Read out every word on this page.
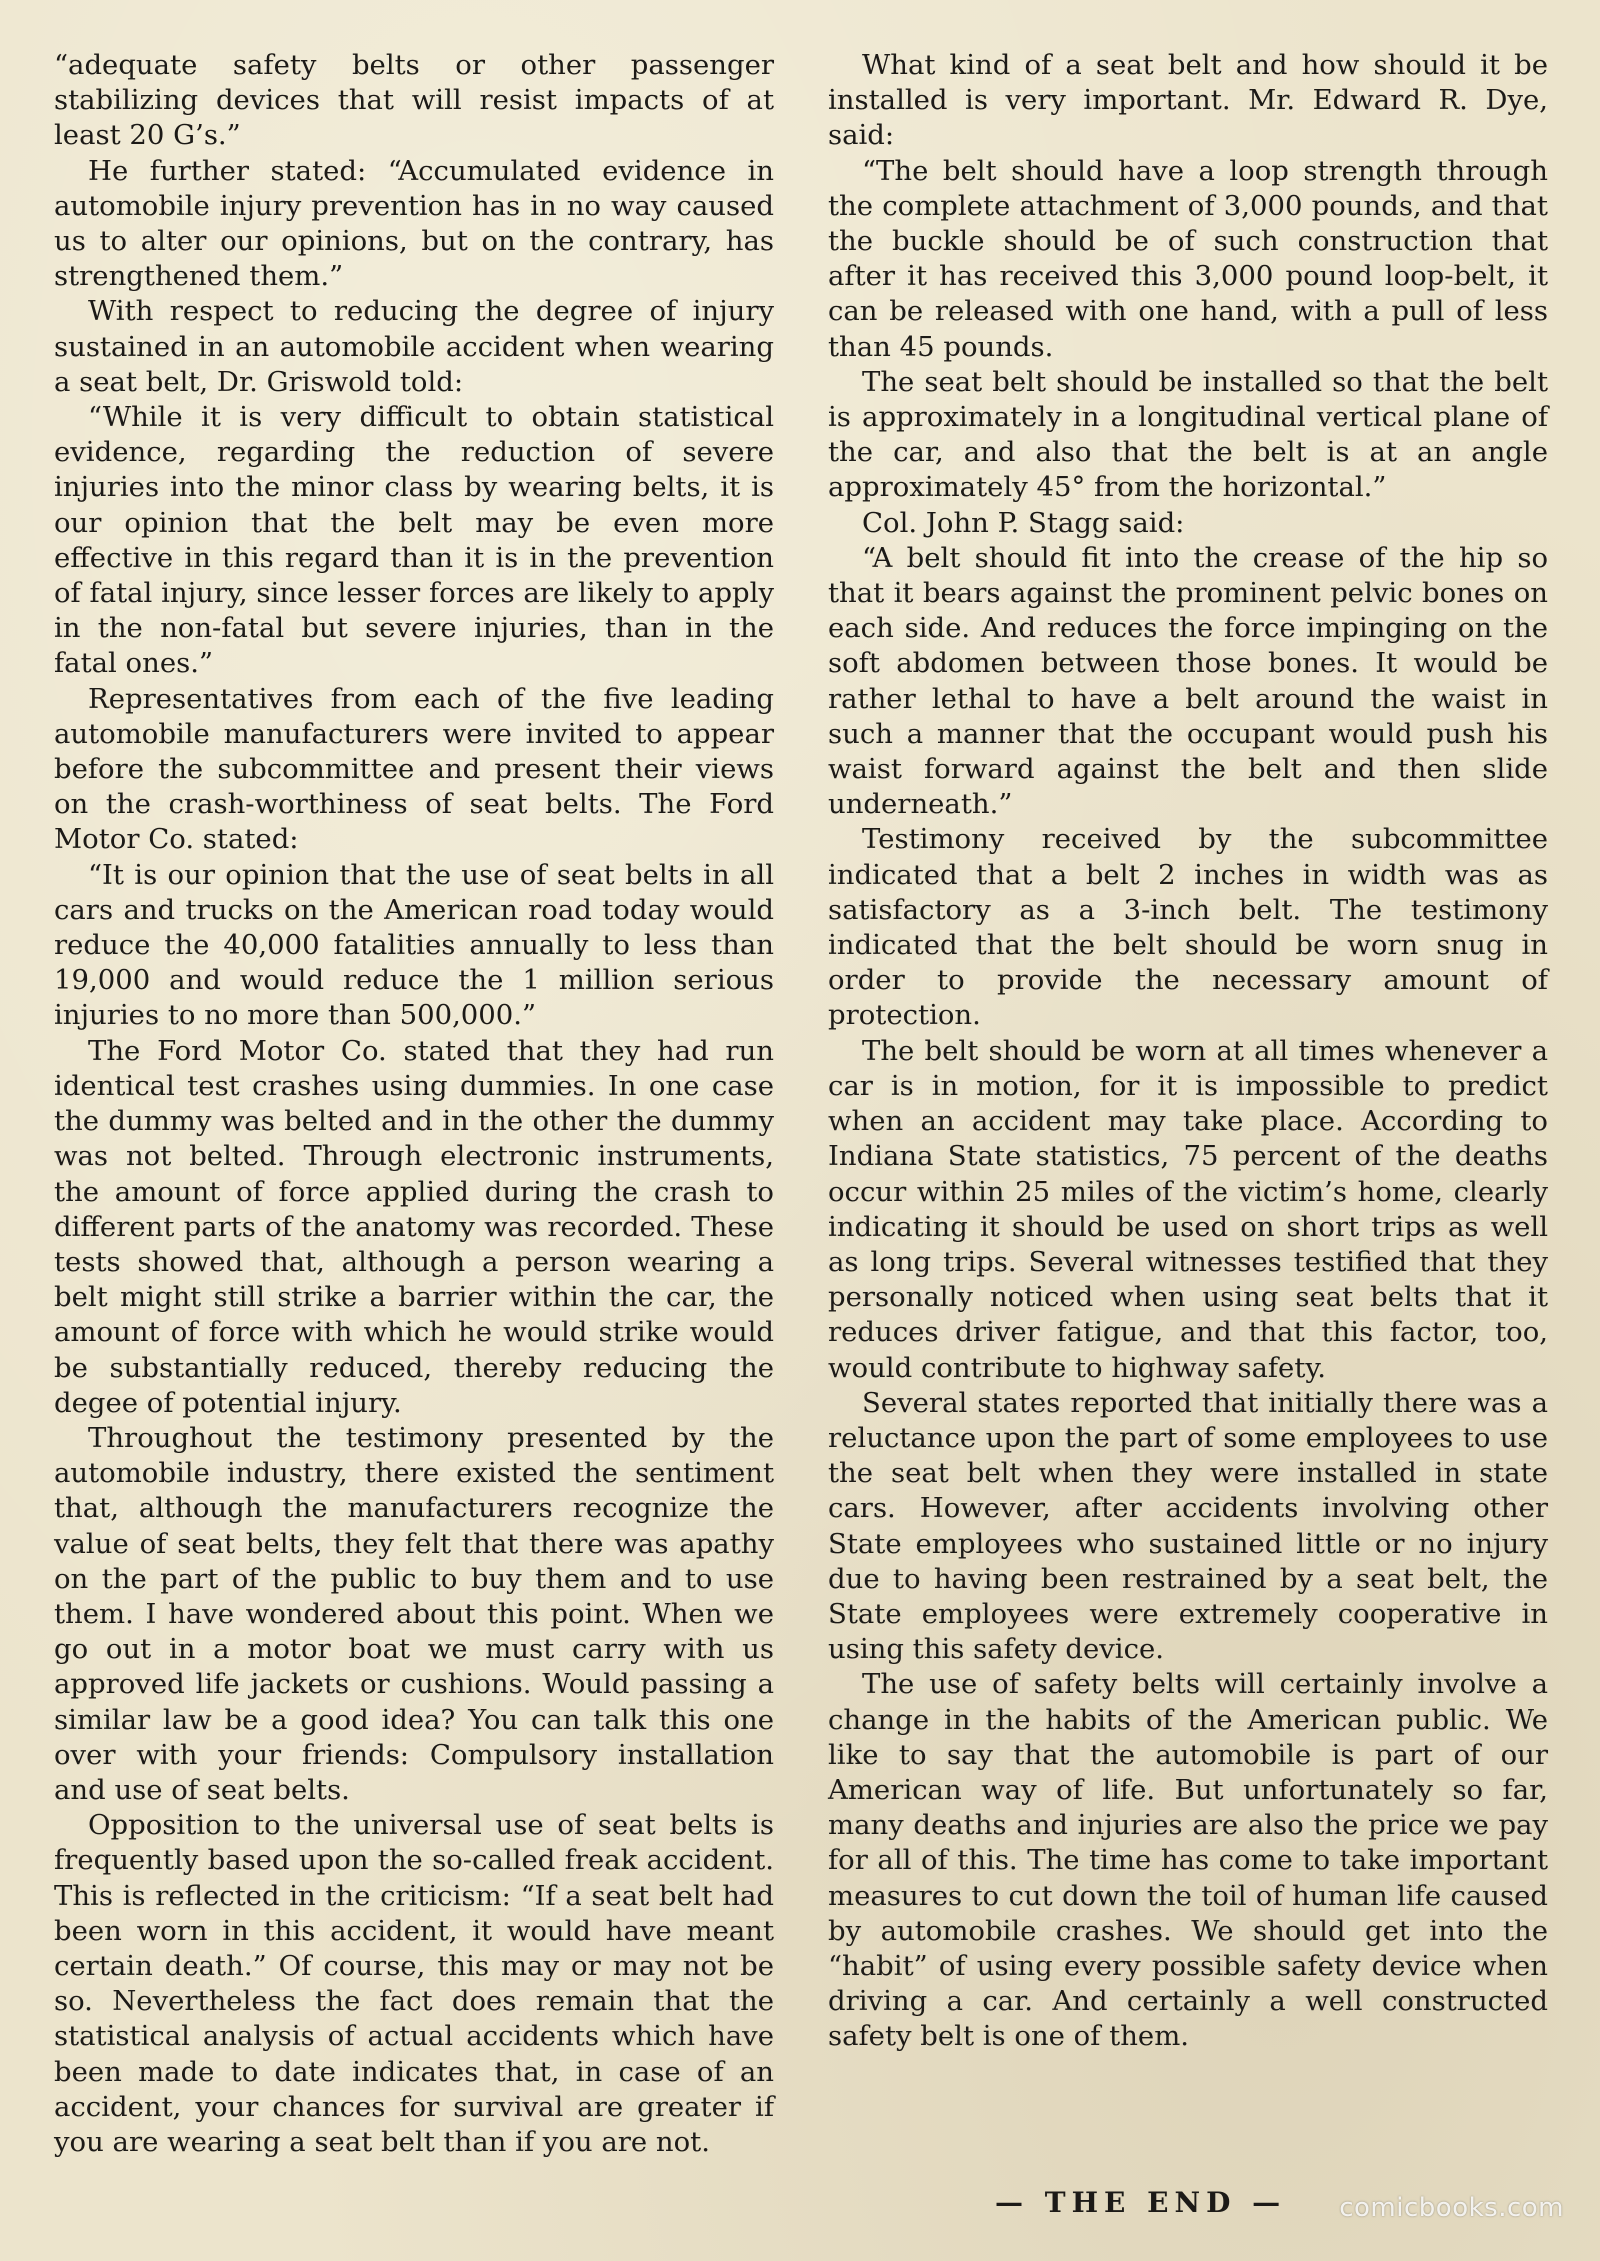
“adequate safety belts or other passenger stabilizing devices that will resist impacts of at least 20 G’s.”

He further stated: “Accumulated evidence in automobile injury prevention has in no way caused us to alter our opinions, but on the contrary, has strengthened them.”

With respect to reducing the degree of injury sustained in an automobile accident when wearing a seat belt, Dr. Griswold told:

“While it is very difficult to obtain statistical evidence, regarding the reduction of severe injuries into the minor class by wearing belts, it is our opinion that the belt may be even more effective in this regard than it is in the prevention of fatal injury, since lesser forces are likely to apply in the non-fatal but severe injuries, than in the fatal ones.”

Representatives from each of the five leading automobile manufacturers were invited to appear before the subcommittee and present their views on the crash-worthiness of seat belts. The Ford Motor Co. stated:

“It is our opinion that the use of seat belts in all cars and trucks on the American road today would reduce the 40,000 fatalities annually to less than 19,000 and would reduce the 1 million serious injuries to no more than 500,000.”

The Ford Motor Co. stated that they had run identical test crashes using dummies. In one case the dummy was belted and in the other the dummy was not belted. Through electronic instruments, the amount of force applied during the crash to different parts of the anatomy was recorded. These tests showed that, although a person wearing a belt might still strike a barrier within the car, the amount of force with which he would strike would be substantially reduced, thereby reducing the degee of potential injury.

Throughout the testimony presented by the automobile industry, there existed the sentiment that, although the manufacturers recognize the value of seat belts, they felt that there was apathy on the part of the public to buy them and to use them. I have wondered about this point. When we go out in a motor boat we must carry with us approved life jackets or cushions. Would passing a similar law be a good idea? You can talk this one over with your friends: Compulsory installation and use of seat belts.

Opposition to the universal use of seat belts is frequently based upon the so-called freak accident. This is reflected in the criticism: “If a seat belt had been worn in this accident, it would have meant certain death.” Of course, this may or may not be so. Nevertheless the fact does remain that the statistical analysis of actual accidents which have been made to date indicates that, in case of an accident, your chances for survival are greater if you are wearing a seat belt than if you are not.

What kind of a seat belt and how should it be installed is very important. Mr. Edward R. Dye, said:

“The belt should have a loop strength through the complete attachment of 3,000 pounds, and that the buckle should be of such construction that after it has received this 3,000 pound loop-belt, it can be released with one hand, with a pull of less than 45 pounds.

The seat belt should be installed so that the belt is approximately in a longitudinal vertical plane of the car, and also that the belt is at an angle approximately 45° from the horizontal.”

Col. John P. Stagg said:

“A belt should fit into the crease of the hip so that it bears against the prominent pelvic bones on each side. And reduces the force impinging on the soft abdomen between those bones. It would be rather lethal to have a belt around the waist in such a manner that the occupant would push his waist forward against the belt and then slide underneath.”

Testimony received by the subcommittee indicated that a belt 2 inches in width was as satisfactory as a 3-inch belt. The testimony indicated that the belt should be worn snug in order to provide the necessary amount of protection.

The belt should be worn at all times whenever a car is in motion, for it is impossible to predict when an accident may take place. According to Indiana State statistics, 75 percent of the deaths occur within 25 miles of the victim’s home, clearly indicating it should be used on short trips as well as long trips. Several witnesses testified that they personally noticed when using seat belts that it reduces driver fatigue, and that this factor, too, would contribute to highway safety.

Several states reported that initially there was a reluctance upon the part of some employees to use the seat belt when they were installed in state cars. However, after accidents involving other State employees who sustained little or no injury due to having been restrained by a seat belt, the State employees were extremely cooperative in using this safety device.

The use of safety belts will certainly involve a change in the habits of the American public. We like to say that the automobile is part of our American way of life. But unfortunately so far, many deaths and injuries are also the price we pay for all of this. The time has come to take important measures to cut down the toil of human life caused by automobile crashes. We should get into the “habit” of using every possible safety device when driving a car. And certainly a well constructed safety belt is one of them.

— THE END — comicbooks.com
